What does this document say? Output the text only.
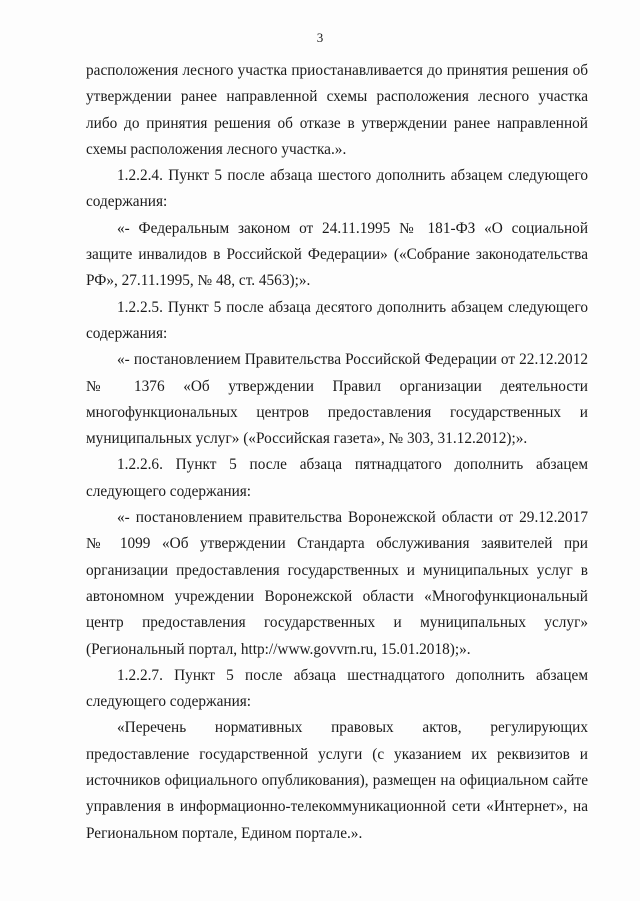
3

расположения лесного участка приостанавливается до принятия решения об утверждении ранее направленной схемы расположения лесного участка либо до принятия решения об отказе в утверждении ранее направленной схемы расположения лесного участка.».

1.2.2.4. Пункт 5 после абзаца шестого дополнить абзацем следующего содержания:

«- Федеральным законом от 24.11.1995 № 181-ФЗ «О социальной защите инвалидов в Российской Федерации» («Собрание законодательства РФ», 27.11.1995, № 48, ст. 4563);».

1.2.2.5. Пункт 5 после абзаца десятого дополнить абзацем следующего содержания:

«- постановлением Правительства Российской Федерации от 22.12.2012 № 1376 «Об утверждении Правил организации деятельности многофункциональных центров предоставления государственных и муниципальных услуг» («Российская газета», № 303, 31.12.2012);».

1.2.2.6. Пункт 5 после абзаца пятнадцатого дополнить абзацем следующего содержания:

«- постановлением правительства Воронежской области от 29.12.2017 № 1099 «Об утверждении Стандарта обслуживания заявителей при организации предоставления государственных и муниципальных услуг в автономном учреждении Воронежской области «Многофункциональный центр предоставления государственных и муниципальных услуг» (Региональный портал, http://www.govvrn.ru, 15.01.2018);».

1.2.2.7. Пункт 5 после абзаца шестнадцатого дополнить абзацем следующего содержания:

«Перечень нормативных правовых актов, регулирующих предоставление государственной услуги (с указанием их реквизитов и источников официального опубликования), размещен на официальном сайте управления в информационно-телекоммуникационной сети «Интернет», на Региональном портале, Едином портале.».
